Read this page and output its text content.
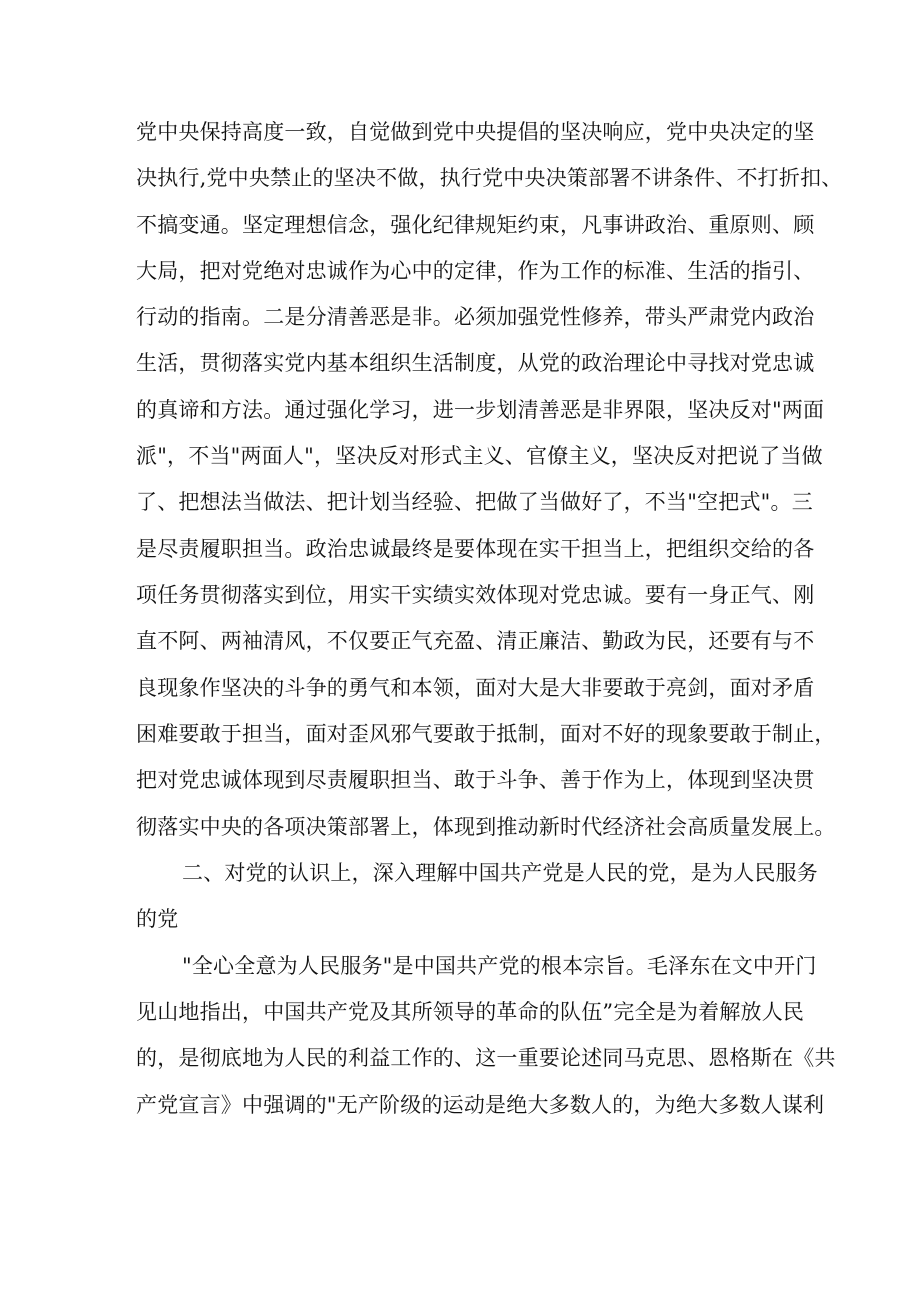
党中央保持高度一致，自觉做到党中央提倡的坚决响应，党中央决定的坚
决执行,党中央禁止的坚决不做，执行党中央决策部署不讲条件、不打折扣、
不搞变通。坚定理想信念，强化纪律规矩约束，凡事讲政治、重原则、顾
大局，把对党绝对忠诚作为心中的定律，作为工作的标准、生活的指引、
行动的指南。二是分清善恶是非。必须加强党性修养，带头严肃党内政治
生活，贯彻落实党内基本组织生活制度，从党的政治理论中寻找对党忠诚
的真谛和方法。通过强化学习，进一步划清善恶是非界限，坚决反对"两面
派"，不当"两面人"，坚决反对形式主义、官僚主义，坚决反对把说了当做
了、把想法当做法、把计划当经验、把做了当做好了，不当"空把式"。三
是尽责履职担当。政治忠诚最终是要体现在实干担当上，把组织交给的各
项任务贯彻落实到位，用实干实绩实效体现对党忠诚。要有一身正气、刚
直不阿、两袖清风，不仅要正气充盈、清正廉洁、勤政为民，还要有与不
良现象作坚决的斗争的勇气和本领，面对大是大非要敢于亮剑，面对矛盾
困难要敢于担当，面对歪风邪气要敢于抵制，面对不好的现象要敢于制止，
把对党忠诚体现到尽责履职担当、敢于斗争、善于作为上，体现到坚决贯
彻落实中央的各项决策部署上，体现到推动新时代经济社会高质量发展上。
二、对党的认识上，深入理解中国共产党是人民的党，是为人民服务
的党
"全心全意为人民服务"是中国共产党的根本宗旨。毛泽东在文中开门
见山地指出，中国共产党及其所领导的革命的队伍”完全是为着解放人民
的，是彻底地为人民的利益工作的、这一重要论述同马克思、恩格斯在《共
产党宣言》中强调的"无产阶级的运动是绝大多数人的，为绝大多数人谋利
